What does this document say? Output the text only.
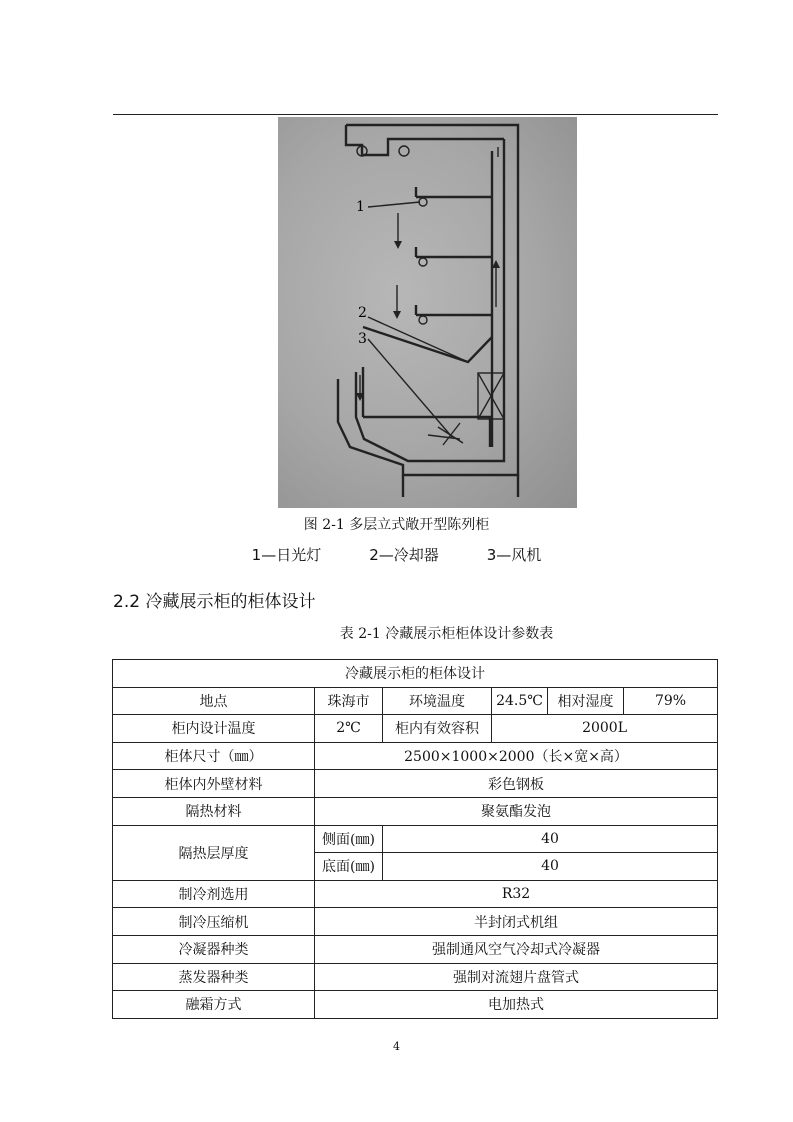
1
2
3
图 2-1 多层立式敞开型陈列柜
1—日光灯	2—冷却器	3—风机
2.2 冷藏展示柜的柜体设计
表 2-1 冷藏展示柜柜体设计参数表
冷藏展示柜的柜体设计					
地点	珠海市	环境温度	24.5℃	相对湿度	79%
柜内设计温度	2℃	柜内有效容积	2000L		
柜体尺寸（㎜）	2500×1000×2000（长×宽×高）				
柜体内外壁材料	彩色钢板				
隔热材料	聚氨酯发泡				
隔热层厚度	侧面(㎜)	40			
	底面(㎜)	40			
制冷剂选用	R32				
制冷压缩机	半封闭式机组				
冷凝器种类	强制通风空气冷却式冷凝器				
蒸发器种类	强制对流翅片盘管式				
融霜方式	电加热式				
4
